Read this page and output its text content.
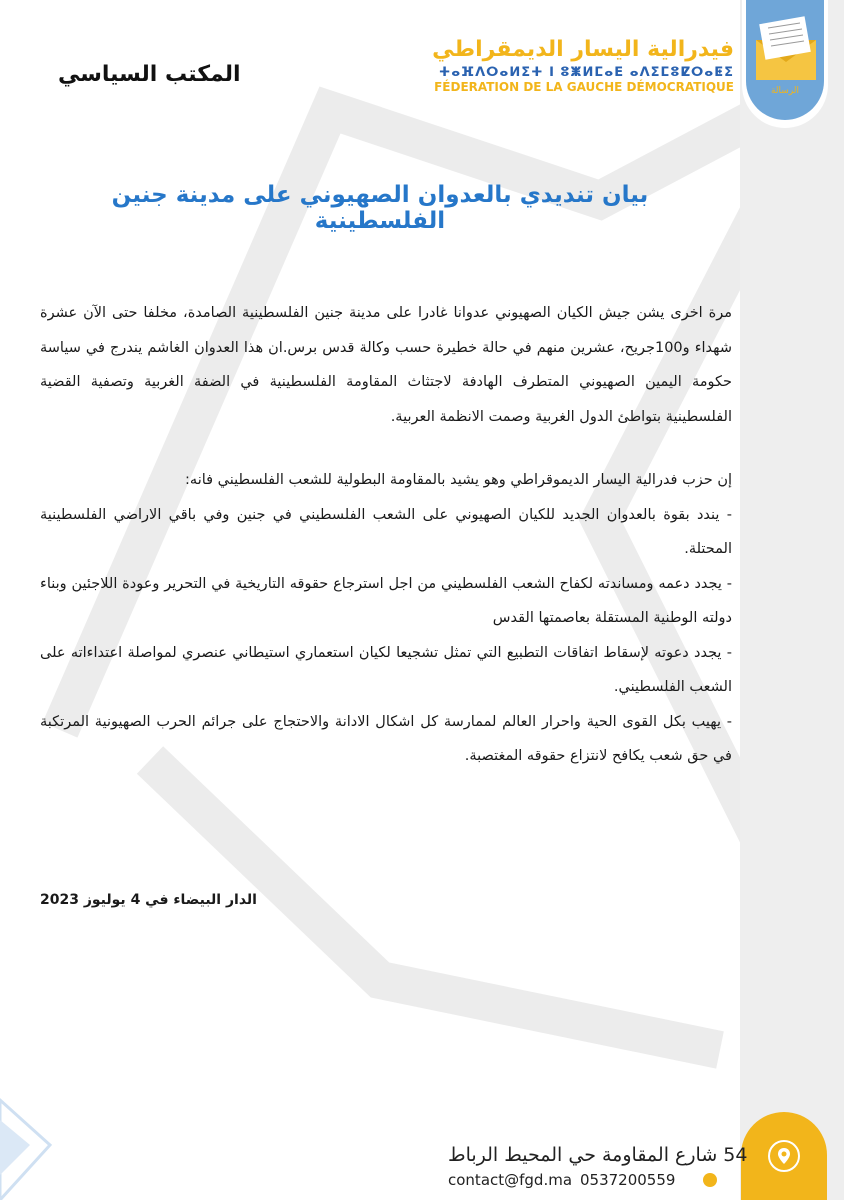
الرسالة
فيدرالية اليسار الديمقراطي
ⵜⴰⴼⴷⵔⴰⵍⵉⵜ ⵏ ⵓⵥⵍⵎⴰⴹ ⴰⴷⵉⵎⵓⵇⵔⴰⵟⵉ
FÉDERATION DE LA GAUCHE DÉMOCRATIQUE
المكتب السياسي
بيان تنديدي بالعدوان الصهيوني على مدينة جنين الفلسطينية

مرة اخرى يشن جيش الكيان الصهيوني عدوانا غادرا على مدينة جنين الفلسطينية الصامدة، مخلفا حتى الآن عشرة شهداء و100جريح، عشرين منهم في حالة خطيرة حسب وكالة قدس برس.ان هذا العدوان الغاشم يندرج في سياسة حكومة اليمين الصهيوني المتطرف الهادفة لاجتثاث المقاومة الفلسطينية في الضفة الغربية وتصفية القضية الفلسطينية بتواطئ الدول الغربية وصمت الانظمة العربية.

إن حزب فدرالية اليسار الديموقراطي وهو يشيد بالمقاومة البطولية للشعب الفلسطيني فانه:

- يندد بقوة بالعدوان الجديد للكيان الصهيوني على الشعب الفلسطيني في جنين وفي باقي الاراضي الفلسطينية المحتلة.

- يجدد دعمه ومساندته لكفاح الشعب الفلسطيني من اجل استرجاع حقوقه التاريخية في التحرير وعودة اللاجئين وبناء دولته الوطنية المستقلة بعاصمتها القدس

- يجدد دعوته لإسقاط اتفاقات التطبيع التي تمثل تشجيعا لكيان استعماري استيطاني عنصري لمواصلة اعتداءاته على الشعب الفلسطيني.

- يهيب بكل القوى الحية واحرار العالم لممارسة كل اشكال الادانة والاحتجاج على جرائم الحرب الصهيونية المرتكبة في حق شعب يكافح لانتزاع حقوقه المغتصبة.

الدار البيضاء في 4 يوليوز 2023
54 شارع المقاومة حي المحيط الرباط
contact@fgd.ma 0537200559
